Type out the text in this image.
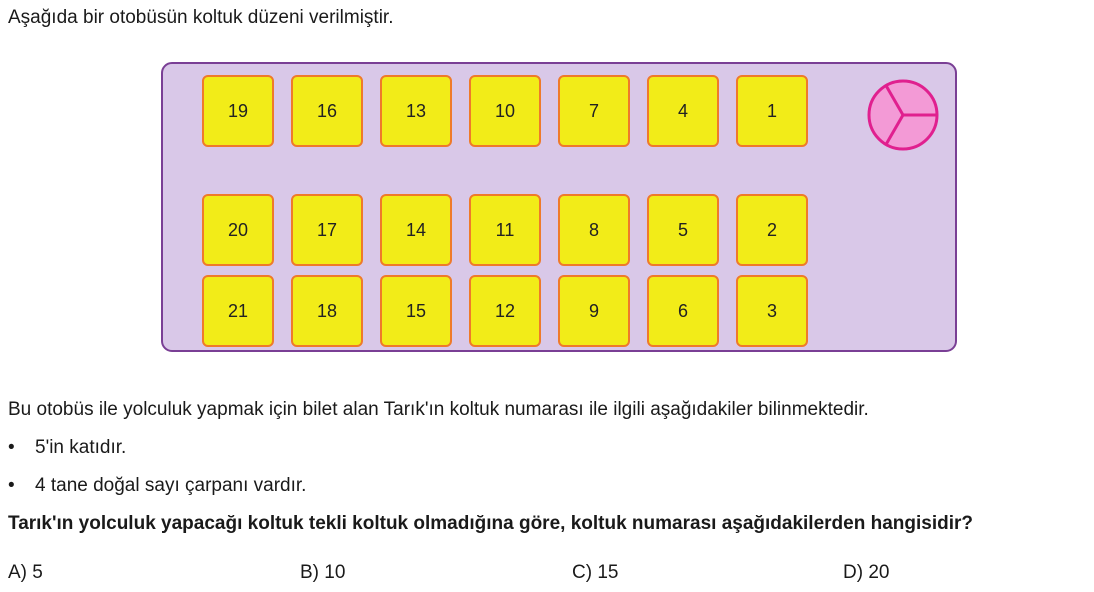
Aşağıda bir otobüsün koltuk düzeni verilmiştir.
19	16	13	10	7	4	1
20	17	14	11	8	5	2
21	18	15	12	9	6	3
Bu otobüs ile yolculuk yapmak için bilet alan Tarık'ın koltuk numarası ile ilgili aşağıdakiler bilinmektedir.
• 5'in katıdır.
• 4 tane doğal sayı çarpanı vardır.
Tarık'ın yolculuk yapacağı koltuk tekli koltuk olmadığına göre, koltuk numarası aşağıdakilerden hangisidir?
A) 5	B) 10	C) 15	D) 20
